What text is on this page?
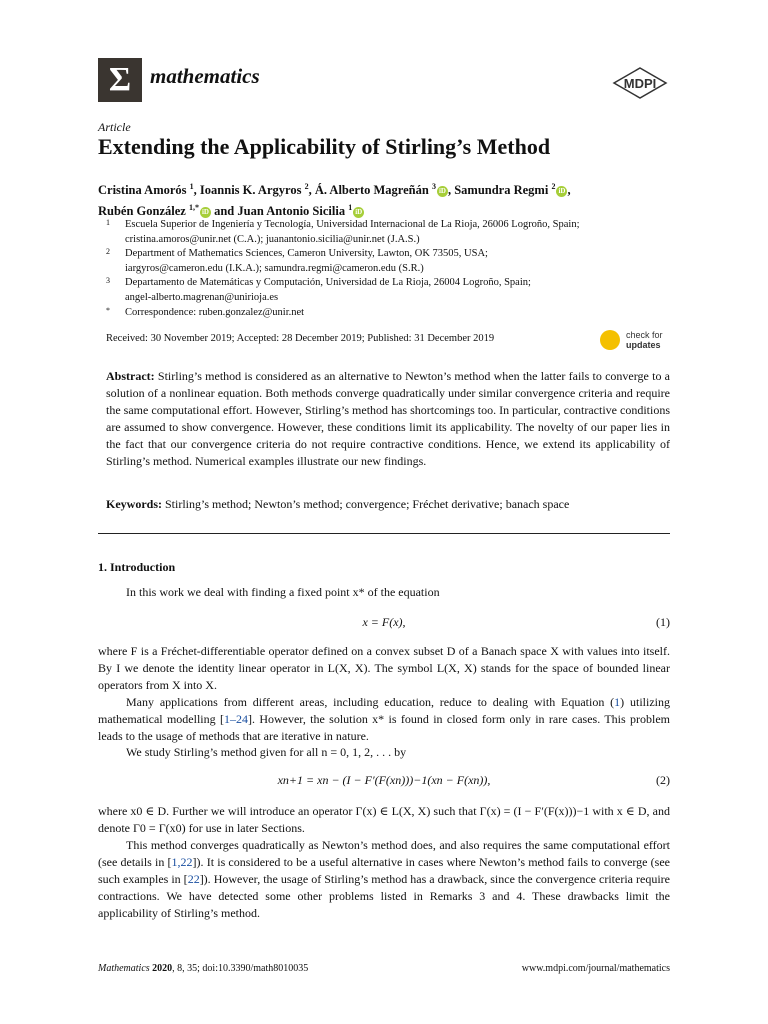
Σ mathematics	MDPI
Article
Extending the Applicability of Stirling’s Method
Cristina Amorós $^1$, Ioannis K. Argyros $^2$, Á. Alberto Magreñán $^3$iD , Samundra Regmi $^2$iD ,
Rubén González $^{1,*}$iD and Juan Antonio Sicilia $^1$iD
1 Escuela Superior de Ingeniería y Tecnología, Universidad Internacional de La Rioja, 26006 Logroño, Spain;
cristina.amoros@unir.net (C.A.); juanantonio.sicilia@unir.net (J.A.S.)
2 Department of Mathematics Sciences, Cameron University, Lawton, OK 73505, USA;
iargyros@cameron.edu (I.K.A.); samundra.regmi@cameron.edu (S.R.)
3 Departamento de Matemáticas y Computación, Universidad de La Rioja, 26004 Logroño, Spain;
angel-alberto.magrenan@unirioja.es
* Correspondence: ruben.gonzalez@unir.net
Received: 30 November 2019; Accepted: 28 December 2019; Published: 31 December 2019	check for
updates
Abstract: Stirling’s method is considered as an alternative to Newton’s method when the latter fails to converge to a solution of a nonlinear equation. Both methods converge quadratically under similar convergence criteria and require the same computational effort. However, Stirling’s method has shortcomings too. In particular, contractive conditions are assumed to show convergence. However, these conditions limit its applicability. The novelty of our paper lies in the fact that our convergence criteria do not require contractive conditions. Hence, we extend its applicability of Stirling’s method. Numerical examples illustrate our new findings.
Keywords: Stirling’s method; Newton’s method; convergence; Fréchet derivative; banach space
1. Introduction
In this work we deal with finding a fixed point x* of the equation
x = F(x),	(1)
where F is a Fréchet-differentiable operator defined on a convex subset D of a Banach space X with values into itself. By I we denote the identity linear operator in L(X, X). The symbol L(X, X) stands for the space of bounded linear operators from X into X.
Many applications from different areas, including education, reduce to dealing with Equation (1) utilizing mathematical modelling [1–24]. However, the solution x* is found in closed form only in rare cases. This problem leads to the usage of methods that are iterative in nature.
We study Stirling’s method given for all n = 0, 1, 2, . . . by
xn+1 = xn − (I − F′(F(xn)))−1(xn − F(xn)),	(2)
where x0 ∈ D. Further we will introduce an operator Γ(x) ∈ L(X, X) such that Γ(x) = (I − F′(F(x)))−1 with x ∈ D, and denote Γ0 = Γ(x0) for use in later Sections.
This method converges quadratically as Newton’s method does, and also requires the same computational effort (see details in [1,22]). It is considered to be a useful alternative in cases where Newton’s method fails to converge (see such examples in [22]). However, the usage of Stirling’s method has a drawback, since the convergence criteria require contractions. We have detected some other problems listed in Remarks 3 and 4. These drawbacks limit the applicability of Stirling’s method.
Mathematics 2020, 8, 35; doi:10.3390/math8010035	www.mdpi.com/journal/mathematics
